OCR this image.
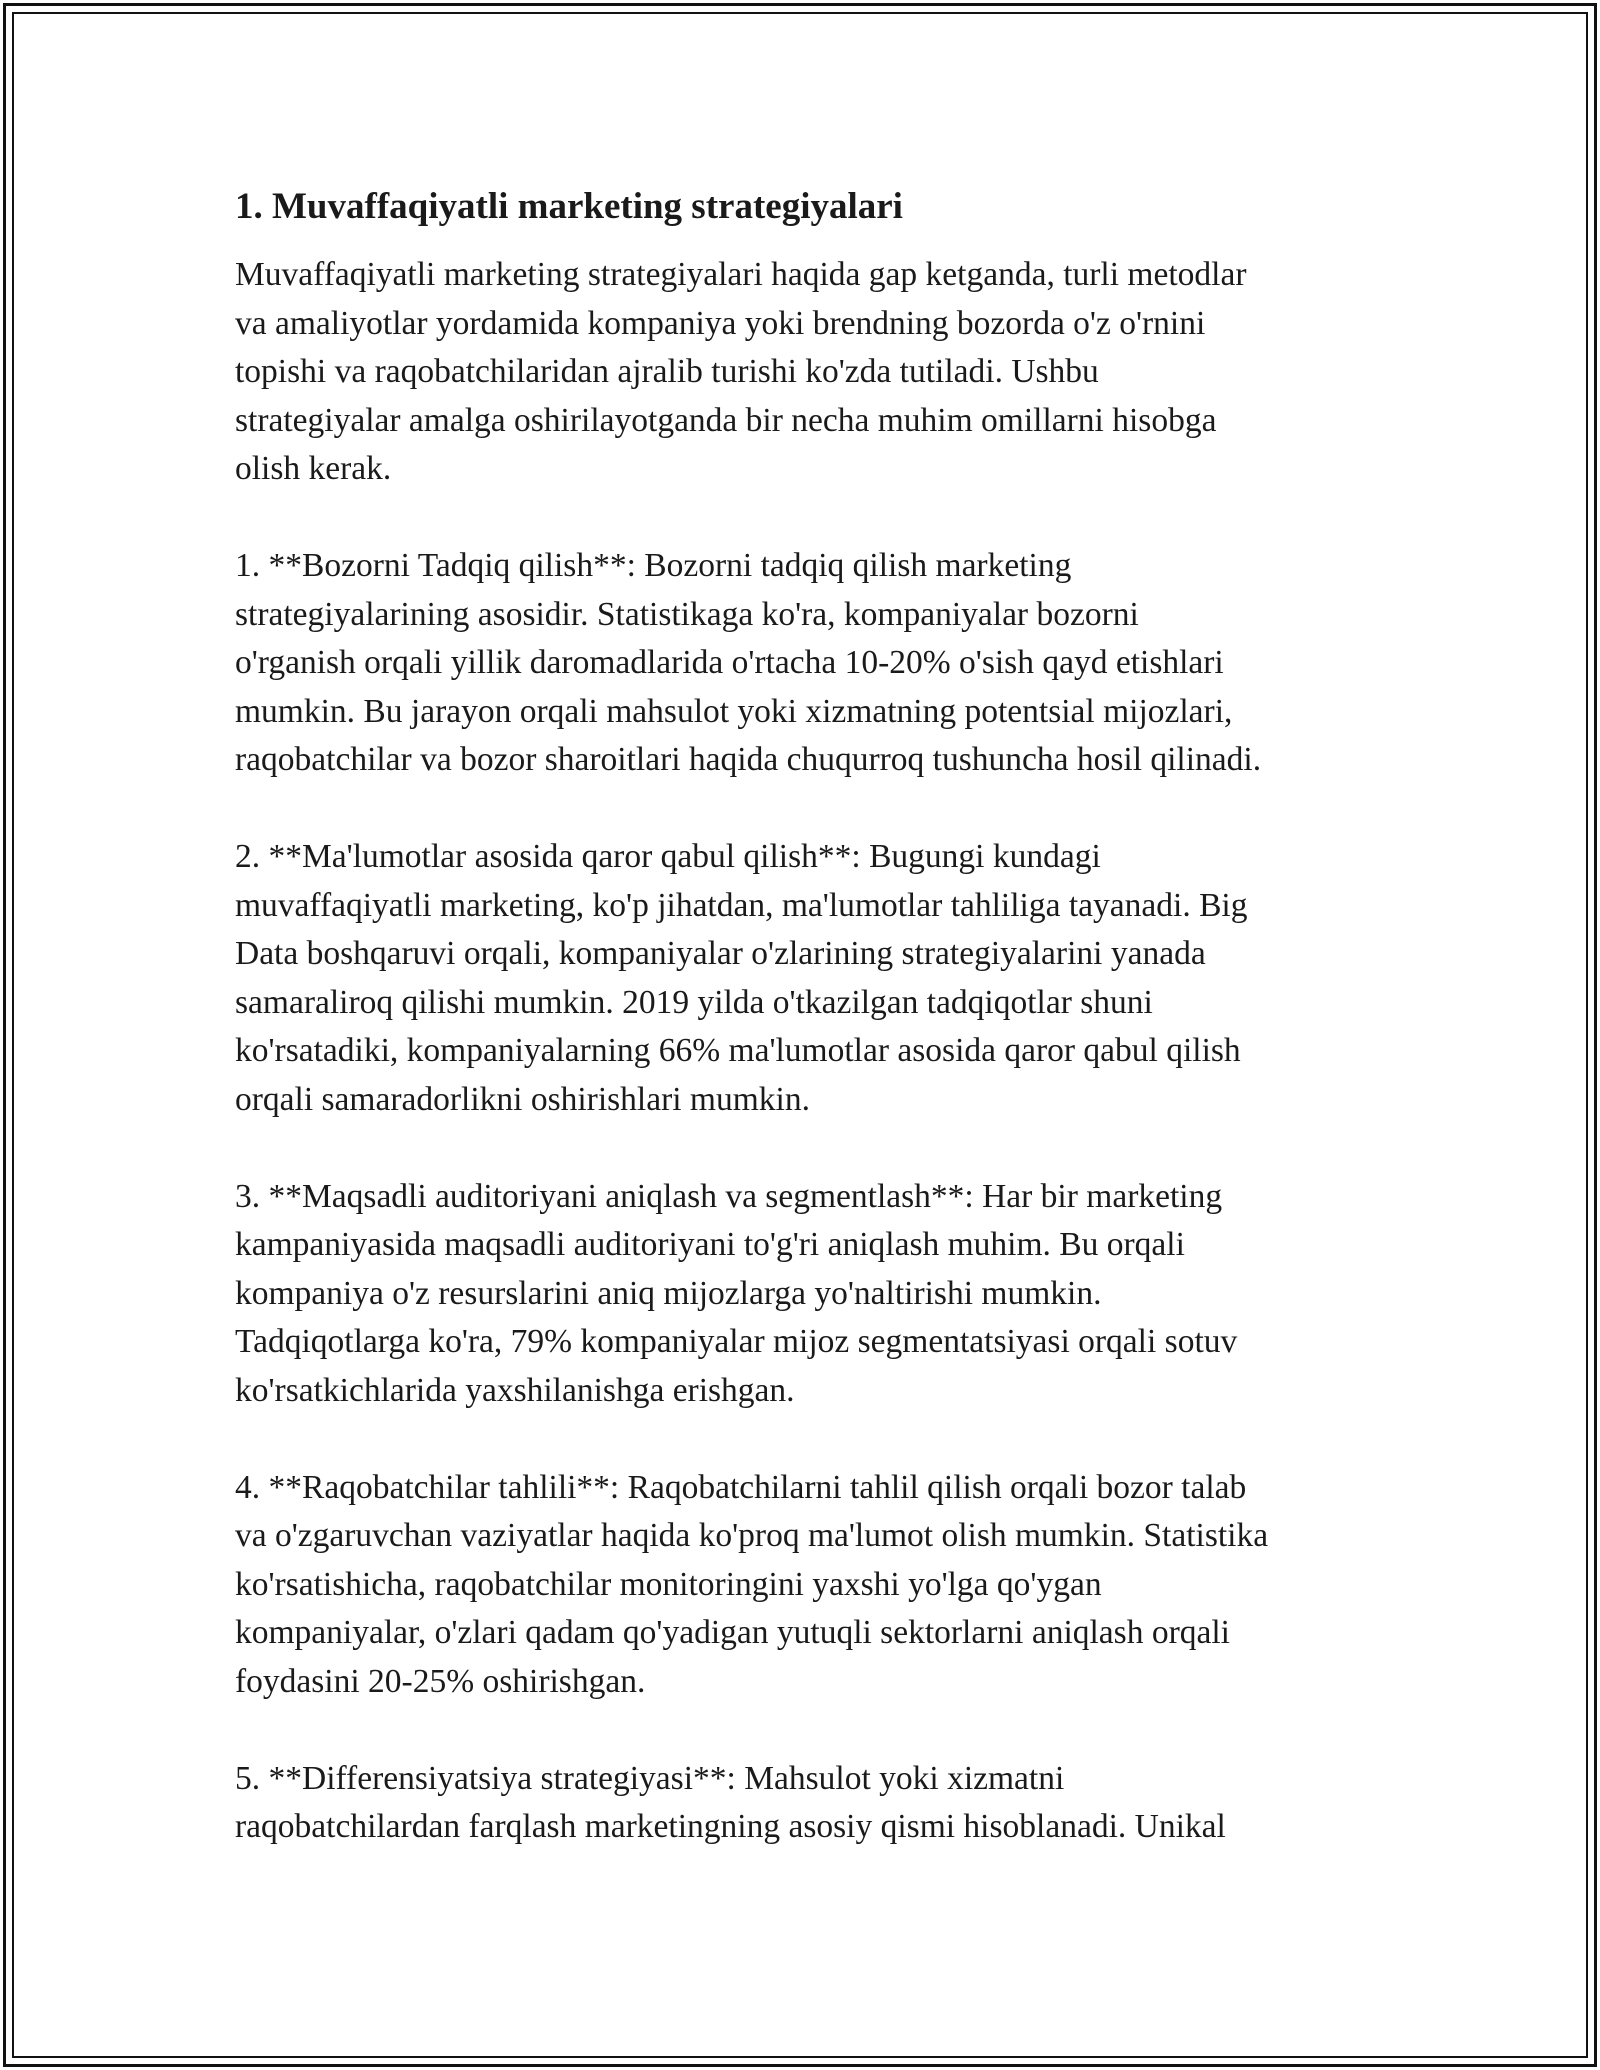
1. Muvaffaqiyatli marketing strategiyalari
Muvaffaqiyatli marketing strategiyalari haqida gap ketganda, turli metodlar
va amaliyotlar yordamida kompaniya yoki brendning bozorda o'z o'rnini
topishi va raqobatchilaridan ajralib turishi ko'zda tutiladi. Ushbu
strategiyalar amalga oshirilayotganda bir necha muhim omillarni hisobga
olish kerak.
1. **Bozorni Tadqiq qilish**: Bozorni tadqiq qilish marketing
strategiyalarining asosidir. Statistikaga ko'ra, kompaniyalar bozorni
o'rganish orqali yillik daromadlarida o'rtacha 10-20% o'sish qayd etishlari
mumkin. Bu jarayon orqali mahsulot yoki xizmatning potentsial mijozlari,
raqobatchilar va bozor sharoitlari haqida chuqurroq tushuncha hosil qilinadi.
2. **Ma'lumotlar asosida qaror qabul qilish**: Bugungi kundagi
muvaffaqiyatli marketing, ko'p jihatdan, ma'lumotlar tahliliga tayanadi. Big
Data boshqaruvi orqali, kompaniyalar o'zlarining strategiyalarini yanada
samaraliroq qilishi mumkin. 2019 yilda o'tkazilgan tadqiqotlar shuni
ko'rsatadiki, kompaniyalarning 66% ma'lumotlar asosida qaror qabul qilish
orqali samaradorlikni oshirishlari mumkin.
3. **Maqsadli auditoriyani aniqlash va segmentlash**: Har bir marketing
kampaniyasida maqsadli auditoriyani to'g'ri aniqlash muhim. Bu orqali
kompaniya o'z resurslarini aniq mijozlarga yo'naltirishi mumkin.
Tadqiqotlarga ko'ra, 79% kompaniyalar mijoz segmentatsiyasi orqali sotuv
ko'rsatkichlarida yaxshilanishga erishgan.
4. **Raqobatchilar tahlili**: Raqobatchilarni tahlil qilish orqali bozor talab
va o'zgaruvchan vaziyatlar haqida ko'proq ma'lumot olish mumkin. Statistika
ko'rsatishicha, raqobatchilar monitoringini yaxshi yo'lga qo'ygan
kompaniyalar, o'zlari qadam qo'yadigan yutuqli sektorlarni aniqlash orqali
foydasini 20-25% oshirishgan.
5. **Differensiyatsiya strategiyasi**: Mahsulot yoki xizmatni
raqobatchilardan farqlash marketingning asosiy qismi hisoblanadi. Unikal
